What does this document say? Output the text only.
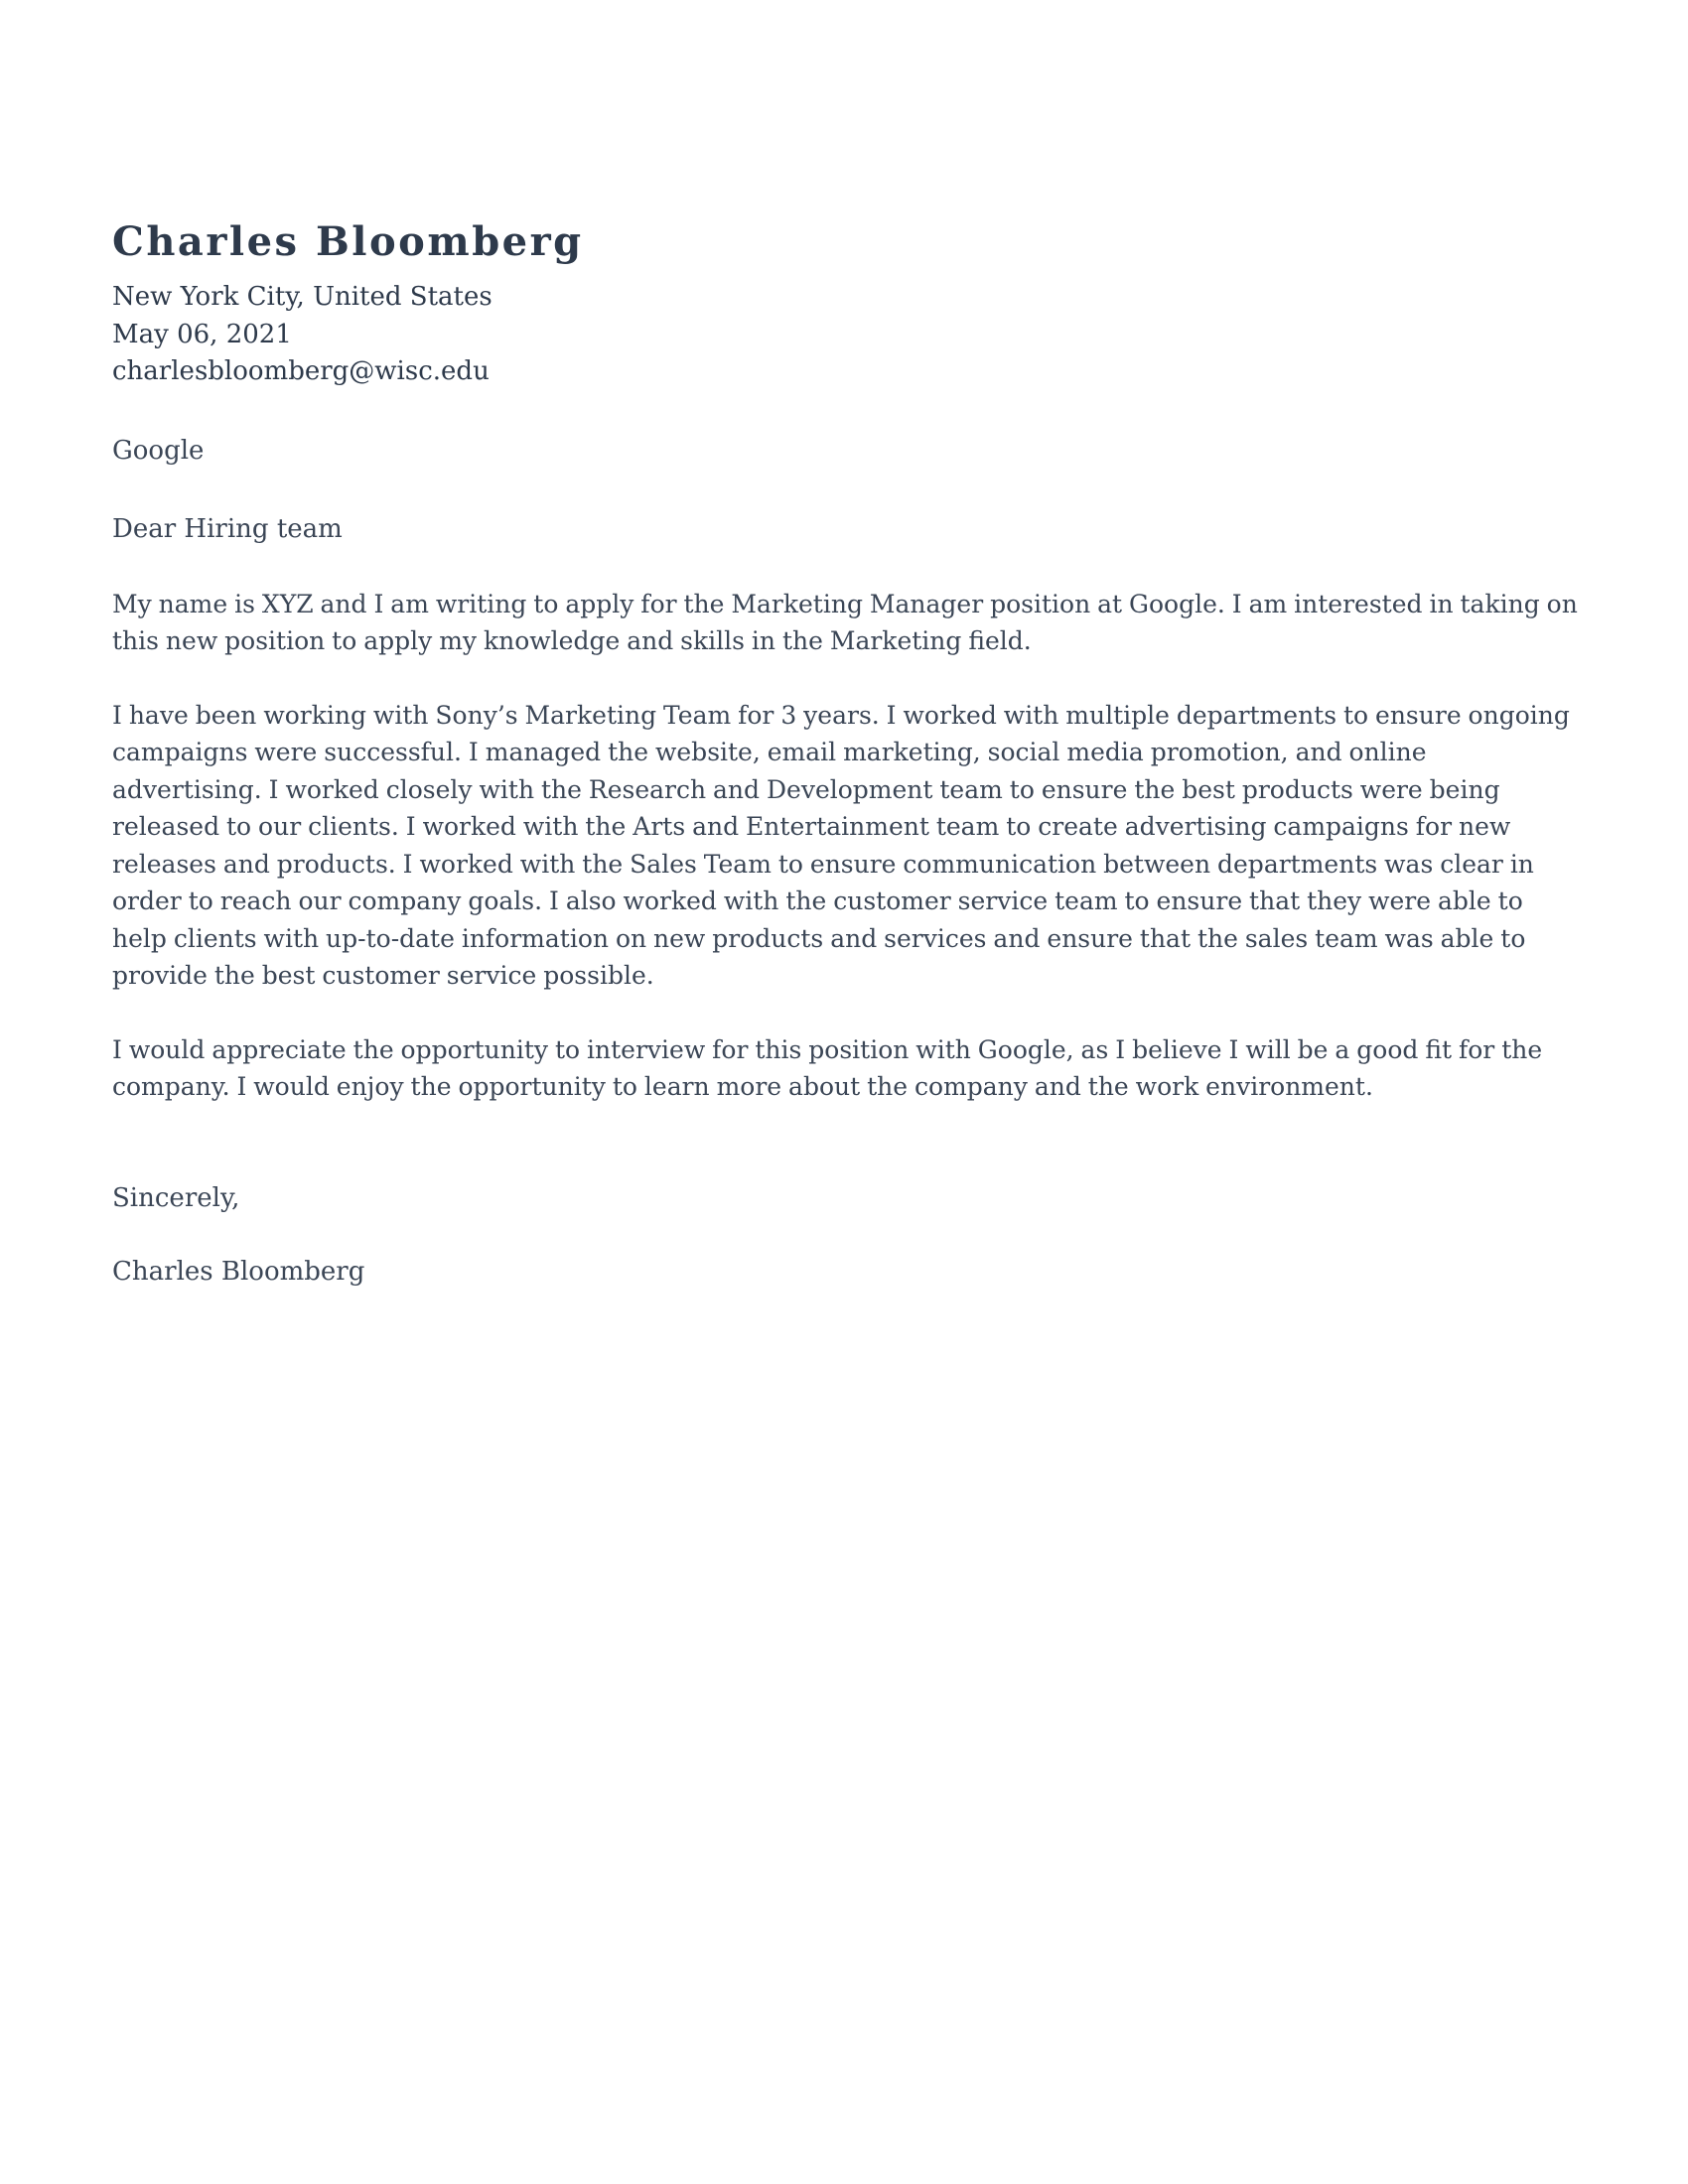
Charles Bloomberg
New York City, United States
May 06, 2021
charlesbloomberg@wisc.edu
Google
Dear Hiring team

My name is XYZ and I am writing to apply for the Marketing Manager position at Google. I am interested in taking on this new position to apply my knowledge and skills in the Marketing field.

I have been working with Sony’s Marketing Team for 3 years. I worked with multiple departments to ensure ongoing campaigns were successful. I managed the website, email marketing, social media promotion, and online advertising. I worked closely with the Research and Development team to ensure the best products were being released to our clients. I worked with the Arts and Entertainment team to create advertising campaigns for new releases and products. I worked with the Sales Team to ensure communication between departments was clear in order to reach our company goals. I also worked with the customer service team to ensure that they were able to help clients with up-to-date information on new products and services and ensure that the sales team was able to provide the best customer service possible.

I would appreciate the opportunity to interview for this position with Google, as I believe I will be a good fit for the company. I would enjoy the opportunity to learn more about the company and the work environment.

Sincerely,
Charles Bloomberg
